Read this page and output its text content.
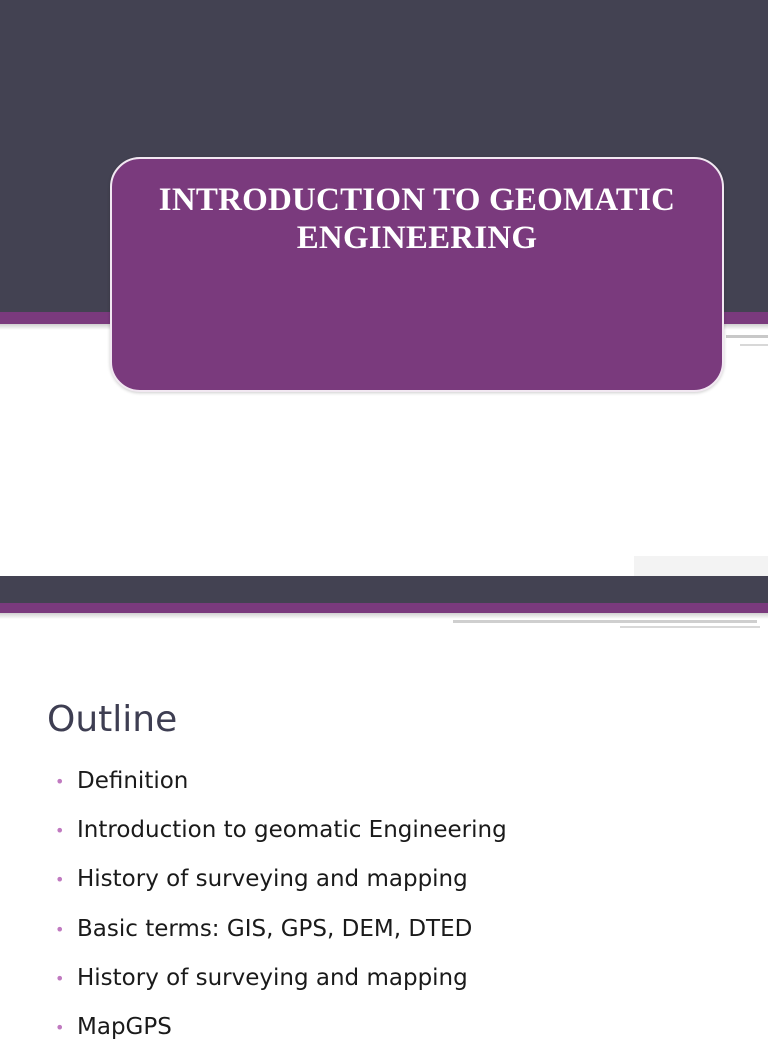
INTRODUCTION TO GEOMATIC ENGINEERING
Outline
• Definition
• Introduction to geomatic Engineering
• History of surveying and mapping
• Basic terms: GIS, GPS, DEM, DTED
• History of surveying and mapping
• MapGPS
